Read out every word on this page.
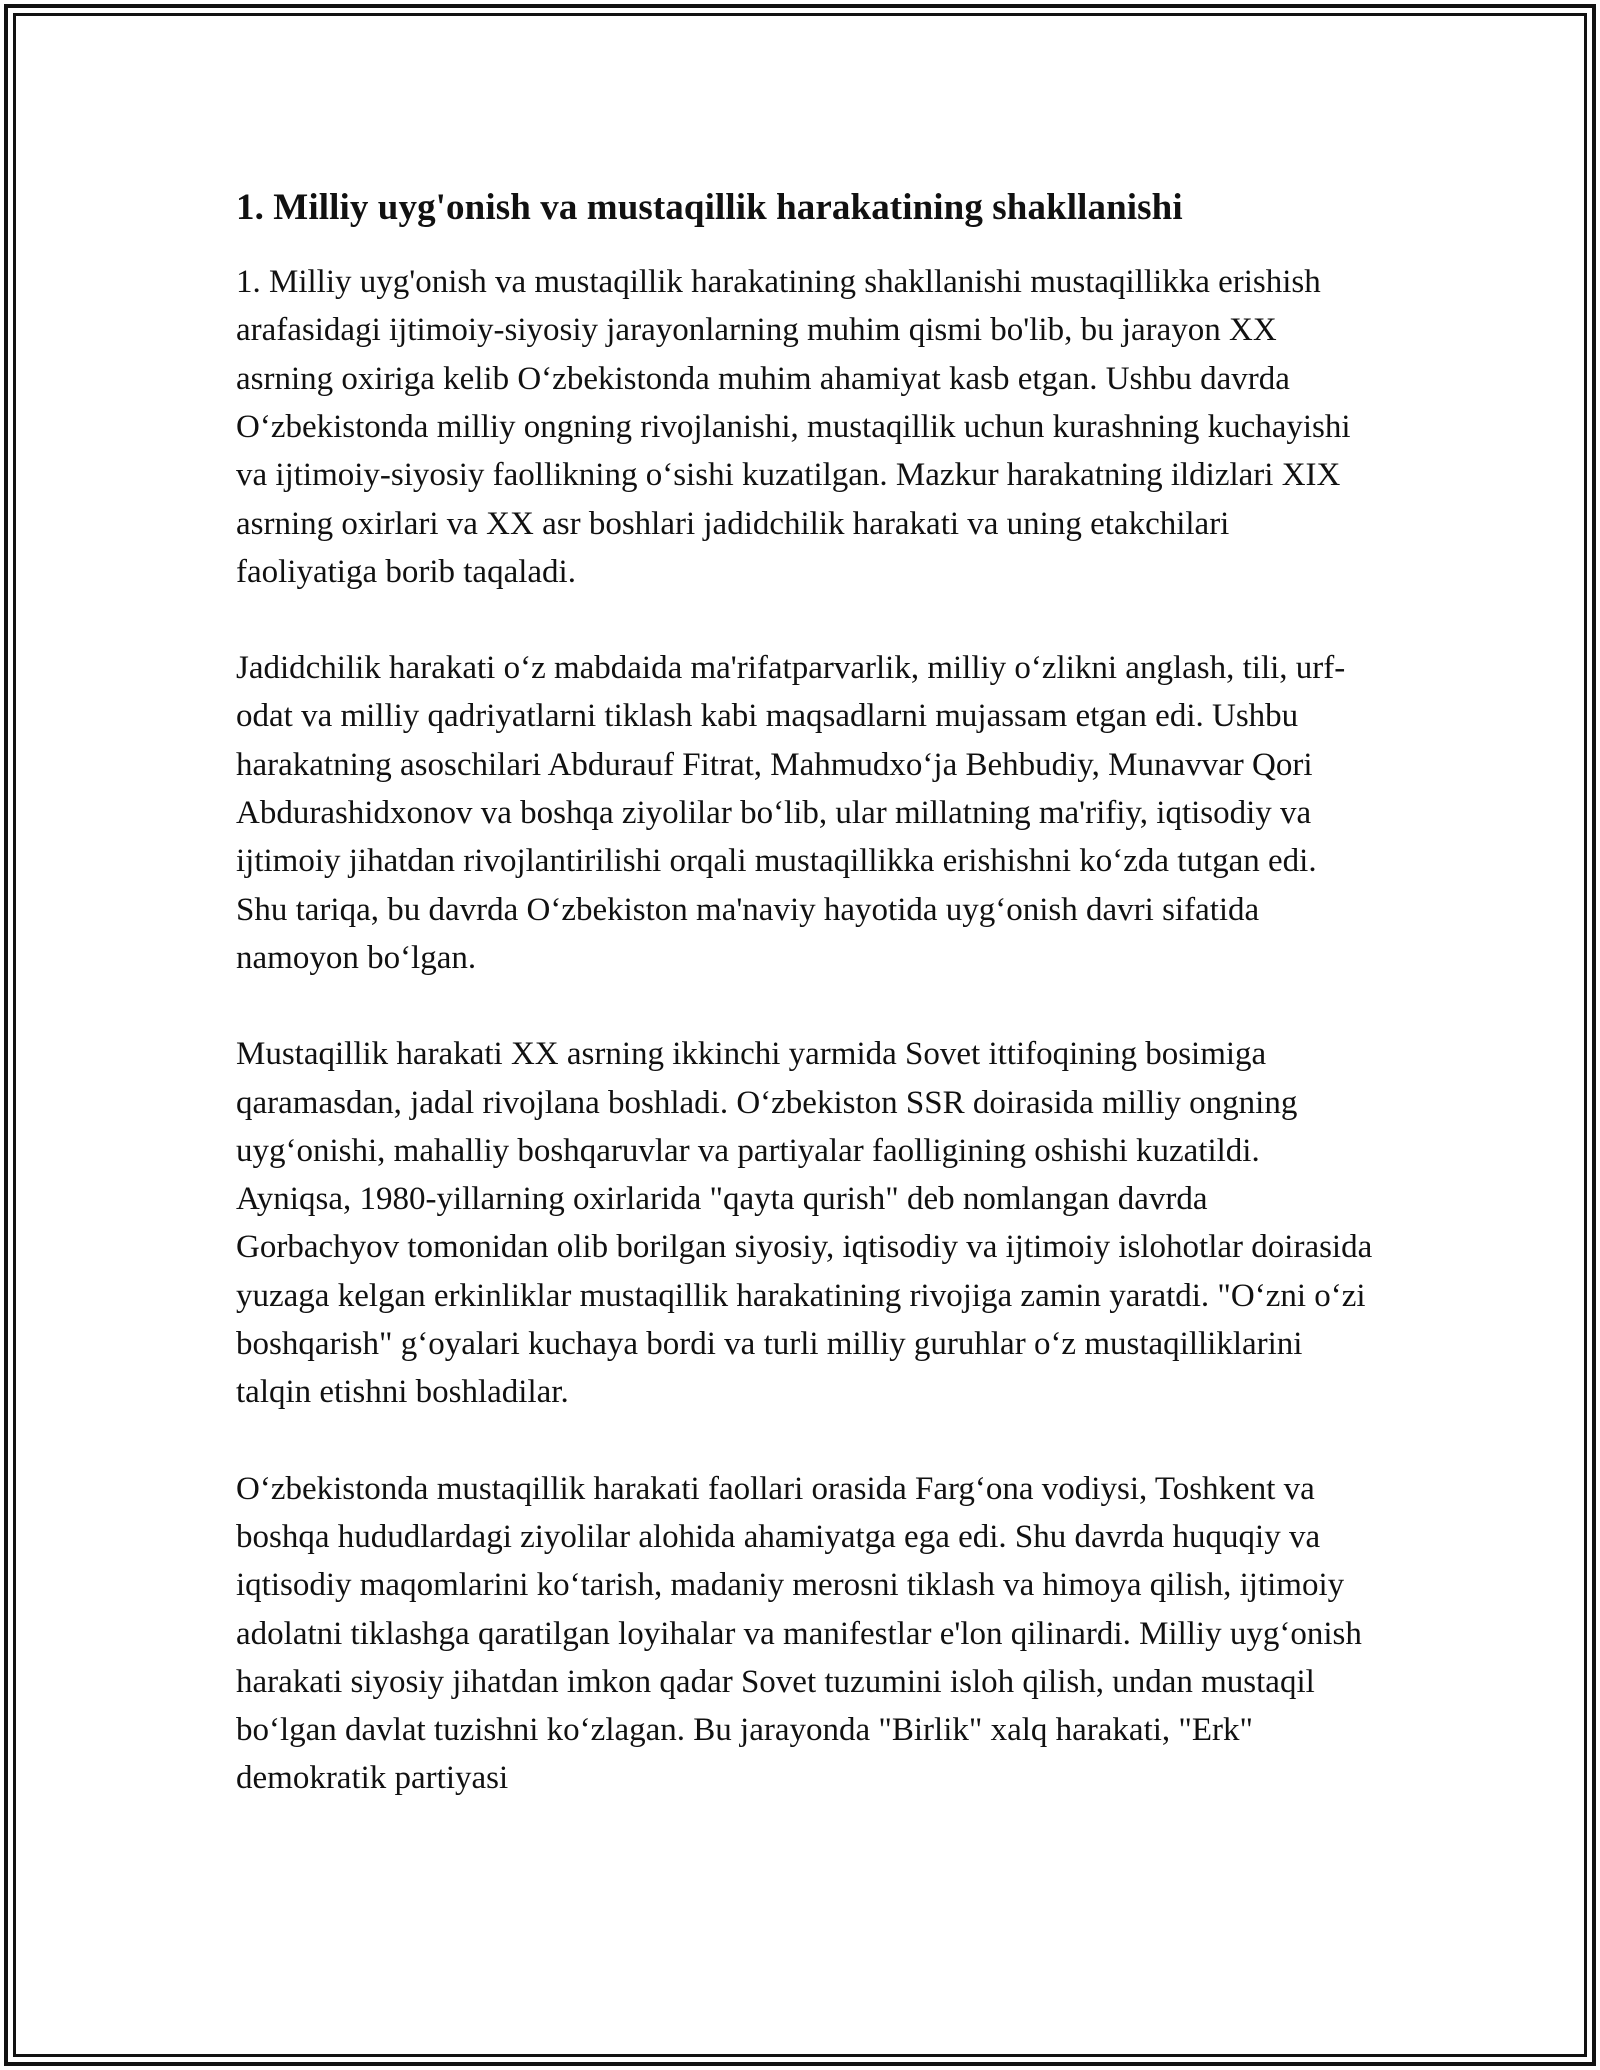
1. Milliy uyg'onish va mustaqillik harakatining shakllanishi

1. Milliy uyg'onish va mustaqillik harakatining shakllanishi mustaqillikka erishish arafasidagi ijtimoiy-siyosiy jarayonlarning muhim qismi bo'lib, bu jarayon XX asrning oxiriga kelib O‘zbekistonda muhim ahamiyat kasb etgan. Ushbu davrda O‘zbekistonda milliy ongning rivojlanishi, mustaqillik uchun kurashning kuchayishi va ijtimoiy-siyosiy faollikning o‘sishi kuzatilgan. Mazkur harakatning ildizlari XIX asrning oxirlari va XX asr boshlari jadidchilik harakati va uning etakchilari faoliyatiga borib taqaladi.

Jadidchilik harakati o‘z mabdaida ma'rifatparvarlik, milliy o‘zlikni anglash, tili, urf-odat va milliy qadriyatlarni tiklash kabi maqsadlarni mujassam etgan edi. Ushbu harakatning asoschilari Abdurauf Fitrat, Mahmudxo‘ja Behbudiy, Munavvar Qori Abdurashidxonov va boshqa ziyolilar bo‘lib, ular millatning ma'rifiy, iqtisodiy va ijtimoiy jihatdan rivojlantirilishi orqali mustaqillikka erishishni ko‘zda tutgan edi. Shu tariqa, bu davrda O‘zbekiston ma'naviy hayotida uyg‘onish davri sifatida namoyon bo‘lgan.

Mustaqillik harakati XX asrning ikkinchi yarmida Sovet ittifoqining bosimiga qaramasdan, jadal rivojlana boshladi. O‘zbekiston SSR doirasida milliy ongning uyg‘onishi, mahalliy boshqaruvlar va partiyalar faolligining oshishi kuzatildi. Ayniqsa, 1980-yillarning oxirlarida "qayta qurish" deb nomlangan davrda Gorbachyov tomonidan olib borilgan siyosiy, iqtisodiy va ijtimoiy islohotlar doirasida yuzaga kelgan erkinliklar mustaqillik harakatining rivojiga zamin yaratdi. "O‘zni o‘zi boshqarish" g‘oyalari kuchaya bordi va turli milliy guruhlar o‘z mustaqilliklarini talqin etishni boshladilar.

O‘zbekistonda mustaqillik harakati faollari orasida Farg‘ona vodiysi, Toshkent va boshqa hududlardagi ziyolilar alohida ahamiyatga ega edi. Shu davrda huquqiy va iqtisodiy maqomlarini ko‘tarish, madaniy merosni tiklash va himoya qilish, ijtimoiy adolatni tiklashga qaratilgan loyihalar va manifestlar e'lon qilinardi. Milliy uyg‘onish harakati siyosiy jihatdan imkon qadar Sovet tuzumini isloh qilish, undan mustaqil bo‘lgan davlat tuzishni ko‘zlagan. Bu jarayonda "Birlik" xalq harakati, "Erk" demokratik partiyasi
